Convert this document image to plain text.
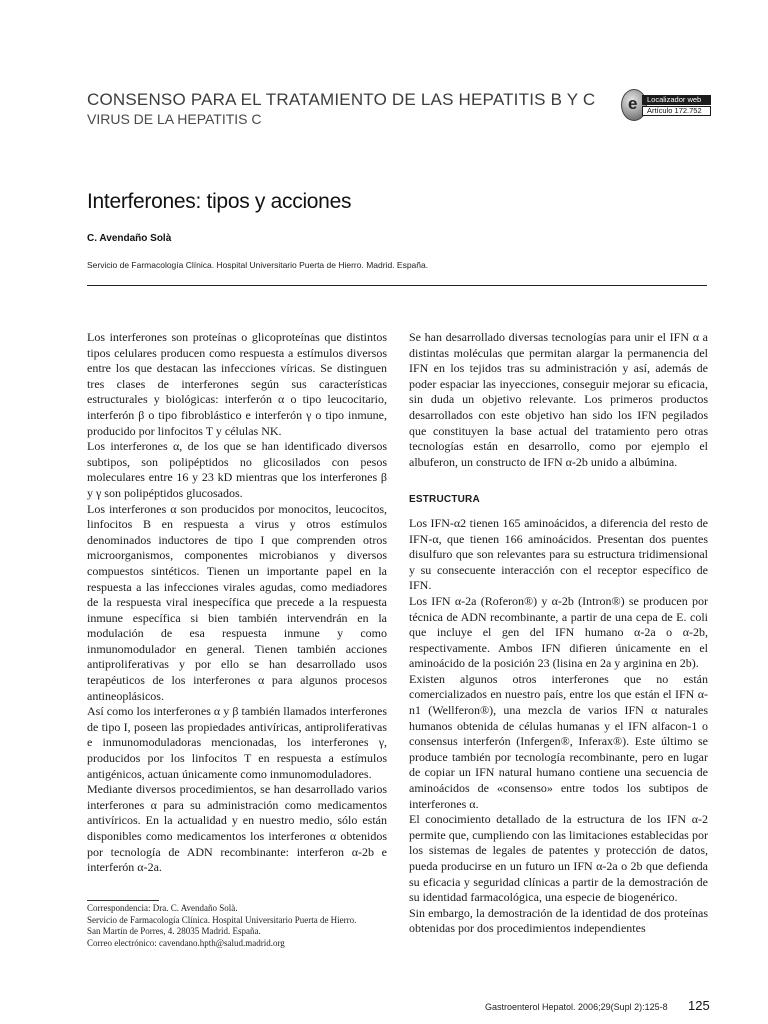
CONSENSO PARA EL TRATAMIENTO DE LAS HEPATITIS B Y C
VIRUS DE LA HEPATITIS C
e	Localizador web
Artículo 172.752
Interferones: tipos y acciones
C. Avendaño Solà
Servicio de Farmacología Clínica. Hospital Universitario Puerta de Hierro. Madrid. España.

Los interferones son proteínas o glicoproteínas que distintos tipos celulares producen como respuesta a estímulos diversos entre los que destacan las infecciones víricas. Se distinguen tres clases de interferones según sus características estructurales y biológicas: interferón α o tipo leucocitario, interferón β o tipo fibroblástico e interferón γ o tipo inmune, producido por linfocitos T y células NK.

Los interferones α, de los que se han identificado diversos subtipos, son polipéptidos no glicosilados con pesos moleculares entre 16 y 23 kD mientras que los interferones β y γ son polipéptidos glucosados.

Los interferones α son producidos por monocitos, leucocitos, linfocitos B en respuesta a virus y otros estímulos denominados inductores de tipo I que comprenden otros microorganismos, componentes microbianos y diversos compuestos sintéticos. Tienen un importante papel en la respuesta a las infecciones virales agudas, como mediadores de la respuesta viral inespecífica que precede a la respuesta inmune específica si bien también intervendrán en la modulación de esa respuesta inmune y como inmunomodulador en general. Tienen también acciones antiproliferativas y por ello se han desarrollado usos terapéuticos de los interferones α para algunos procesos antineoplásicos.

Así como los interferones α y β también llamados interferones de tipo I, poseen las propiedades antivíricas, antiproliferativas e inmunomoduladoras mencionadas, los interferones γ, producidos por los linfocitos T en respuesta a estímulos antigénicos, actuan únicamente como inmunomoduladores.

Mediante diversos procedimientos, se han desarrollado varios interferones α para su administración como medicamentos antivíricos. En la actualidad y en nuestro medio, sólo están disponibles como medicamentos los interferones α obtenidos por tecnología de ADN recombinante: interferon α-2b e interferón α-2a.

Se han desarrollado diversas tecnologías para unir el IFN α a distintas moléculas que permitan alargar la permanencia del IFN en los tejidos tras su administración y así, además de poder espaciar las inyecciones, conseguir mejorar su eficacia, sin duda un objetivo relevante. Los primeros productos desarrollados con este objetivo han sido los IFN pegilados que constituyen la base actual del tratamiento pero otras tecnologías están en desarrollo, como por ejemplo el albuferon, un constructo de IFN α-2b unido a albúmina.

ESTRUCTURA

Los IFN-α2 tienen 165 aminoácidos, a diferencia del resto de IFN-α, que tienen 166 aminoácidos. Presentan dos puentes disulfuro que son relevantes para su estructura tridimensional y su consecuente interacción con el receptor específico de IFN.

Los IFN α-2a (Roferon®) y α-2b (Intron®) se producen por técnica de ADN recombinante, a partir de una cepa de E. coli que incluye el gen del IFN humano α-2a o α-2b, respectivamente. Ambos IFN difieren únicamente en el aminoácido de la posición 23 (lisina en 2a y arginina en 2b).

Existen algunos otros interferones que no están comercializados en nuestro país, entre los que están el IFN α-n1 (Wellferon®), una mezcla de varios IFN α naturales humanos obtenida de células humanas y el IFN alfacon-1 o consensus interferón (Infergen®, Inferax®). Este último se produce también por tecnología recombinante, pero en lugar de copiar un IFN natural humano contiene una secuencia de aminoácidos de «consenso» entre todos los subtipos de interferones α.

El conocimiento detallado de la estructura de los IFN α-2 permite que, cumpliendo con las limitaciones establecidas por los sistemas de legales de patentes y protección de datos, pueda producirse en un futuro un IFN α-2a o 2b que defienda su eficacia y seguridad clínicas a partir de la demostración de su identidad farmacológica, una especie de biogenérico.

Sin embargo, la demostración de la identidad de dos proteínas obtenidas por dos procedimientos independientes

Correspondencia: Dra. C. Avendaño Solà.
Servicio de Farmacología Clínica. Hospital Universitario Puerta de Hierro.
San Martín de Porres, 4. 28035 Madrid. España.
Correo electrónico: cavendano.hpth@salud.madrid.org
Gastroenterol Hepatol. 2006;29(Supl 2):125-8 125
